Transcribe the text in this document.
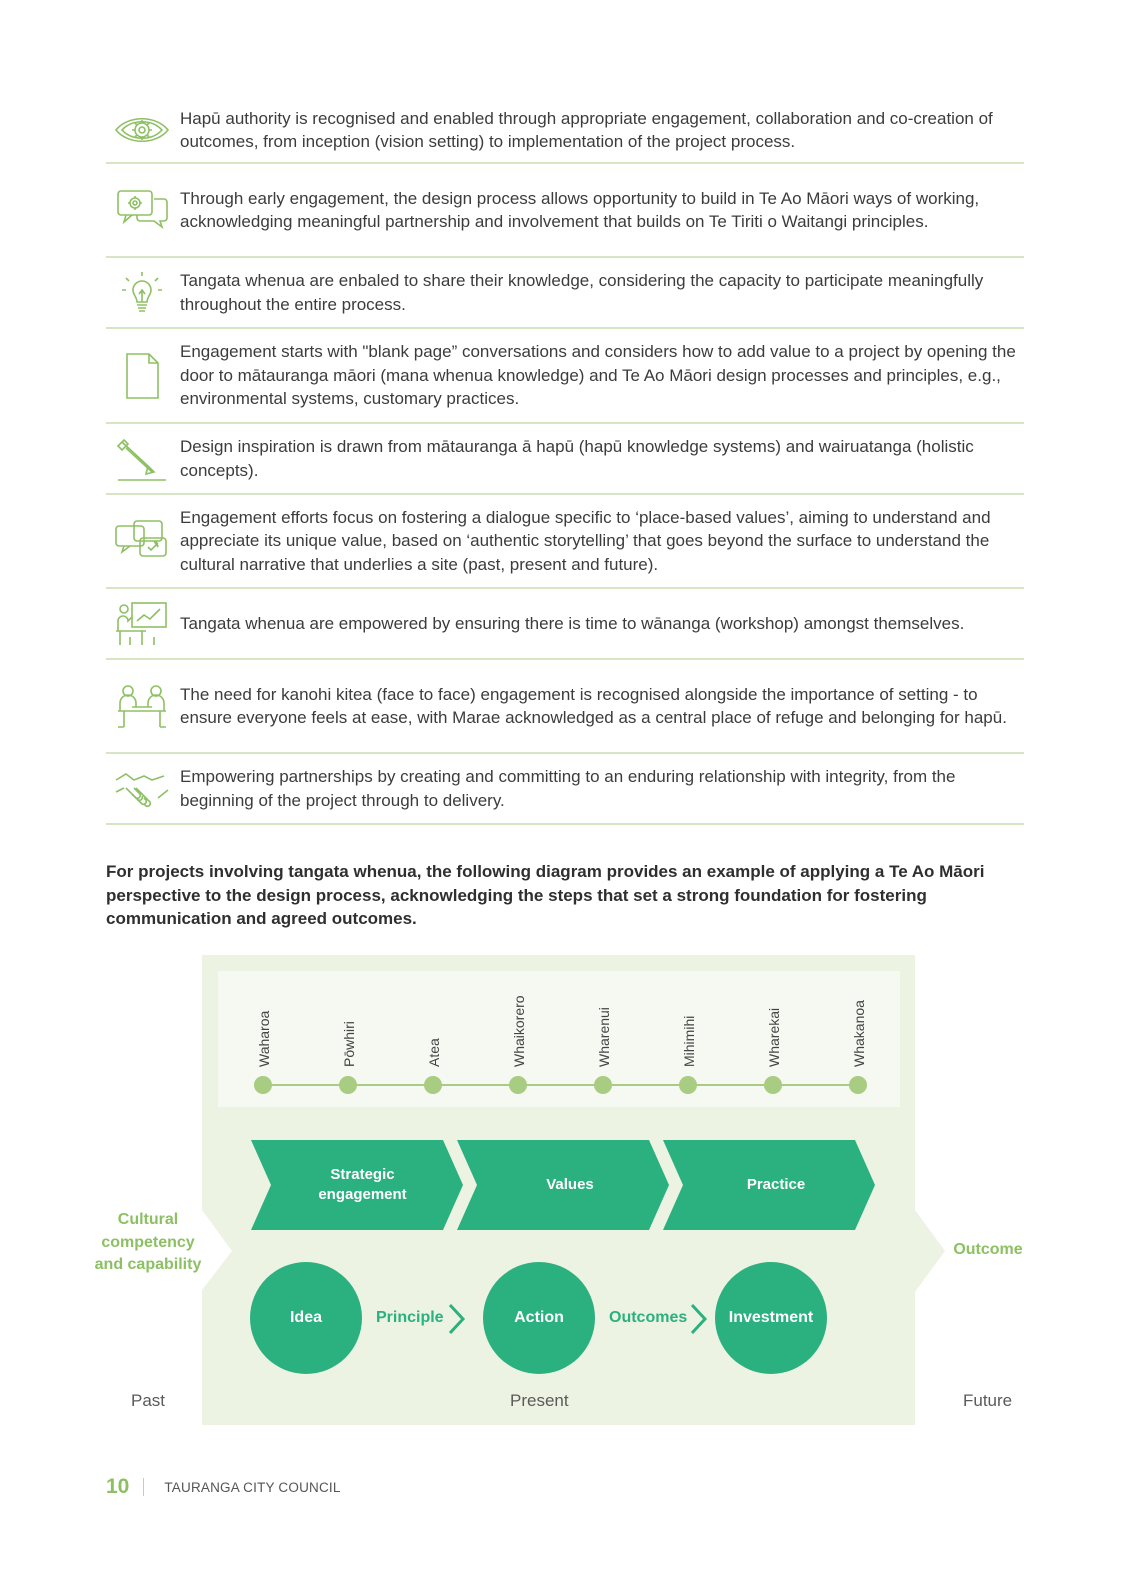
Hapū authority is recognised and enabled through appropriate engagement, collaboration and co-creation of outcomes, from inception (vision setting) to implementation of the project process.

Through early engagement, the design process allows opportunity to build in Te Ao Māori ways of working, acknowledging meaningful partnership and involvement that builds on Te Tiriti o Waitangi principles.

Tangata whenua are enbaled to share their knowledge, considering the capacity to participate meaningfully throughout the entire process.

Engagement starts with "blank page” conversations and considers how to add value to a project by opening the door to mātauranga māori (mana whenua knowledge) and Te Ao Māori design processes and principles, e.g., environmental systems, customary practices.

Design inspiration is drawn from mātauranga ā hapū (hapū knowledge systems) and wairuatanga (holistic concepts).

Engagement efforts focus on fostering a dialogue specific to ‘place-based values’, aiming to understand and appreciate its unique value, based on ‘authentic storytelling’ that goes beyond the surface to understand the cultural narrative that underlies a site (past, present and future).

Tangata whenua are empowered by ensuring there is time to wānanga (workshop) amongst themselves.

The need for kanohi kitea (face to face) engagement is recognised alongside the importance of setting - to ensure everyone feels at ease, with Marae acknowledged as a central place of refuge and belonging for hapū.

Empowering partnerships by creating and committing to an enduring relationship with integrity, from the beginning of the project through to delivery.

For projects involving tangata whenua, the following diagram provides an example of applying a Te Ao Māori perspective to the design process, acknowledging the steps that set a strong foundation for fostering communication and agreed outcomes.

Waharoa	Pōwhiri	Atea	Whaikorero	Wharenui	Mihimihi	Wharekai	Whakanoa
Strategic engagement
Values	Practice
Idea	Action	Investment
Principle	Outcomes
Cultural competency and capability
Outcome
Past	Present	Future
10	TAURANGA CITY COUNCIL
